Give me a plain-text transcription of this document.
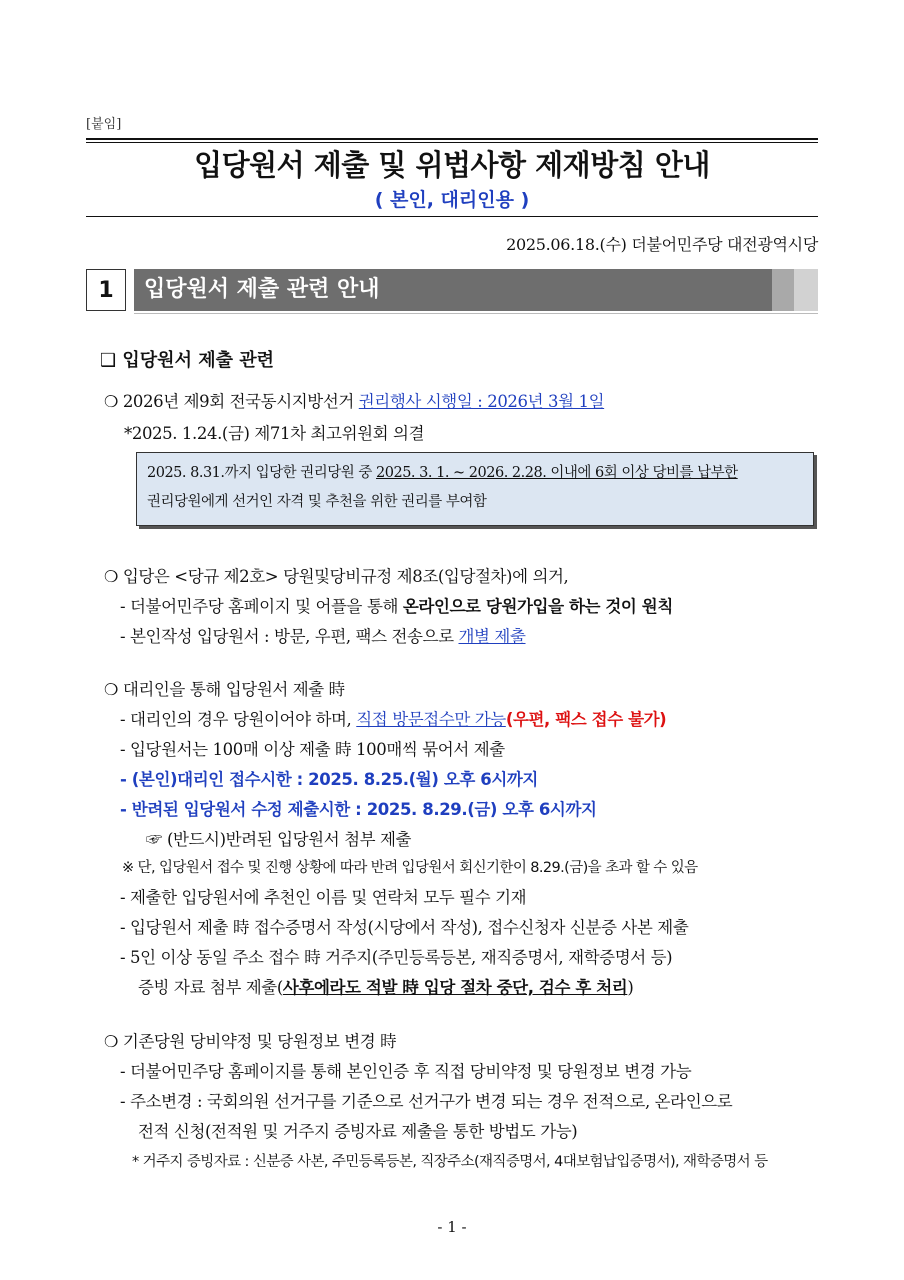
[붙임]
입당원서 제출 및 위법사항 제재방침 안내
( 본인, 대리인용 )
2025.06.18.(수) 더불어민주당 대전광역시당
1	입당원서 제출 관련 안내
❑ 입당원서 제출 관련
❍ 2026년 제9회 전국동시지방선거 권리행사 시행일 : 2026년 3월 1일
*2025. 1.24.(금) 제71차 최고위원회 의결
2025. 8.31.까지 입당한 권리당원 중 2025. 3. 1. ~ 2026. 2.28. 이내에 6회 이상 당비를 납부한
권리당원에게 선거인 자격 및 추천을 위한 권리를 부여함
❍ 입당은 <당규 제2호> 당원및당비규정 제8조(입당절차)에 의거,
- 더불어민주당 홈페이지 및 어플을 통해 온라인으로 당원가입을 하는 것이 원칙
- 본인작성 입당원서 : 방문, 우편, 팩스 전송으로 개별 제출
❍ 대리인을 통해 입당원서 제출 時
- 대리인의 경우 당원이어야 하며, 직접 방문접수만 가능(우편, 팩스 접수 불가)
- 입당원서는 100매 이상 제출 時 100매씩 묶어서 제출
- (본인)대리인 접수시한 : 2025. 8.25.(월) 오후 6시까지
- 반려된 입당원서 수정 제출시한 : 2025. 8.29.(금) 오후 6시까지
☞ (반드시)반려된 입당원서 첨부 제출
※ 단, 입당원서 접수 및 진행 상황에 따라 반려 입당원서 회신기한이 8.29.(금)을 초과 할 수 있음
- 제출한 입당원서에 추천인 이름 및 연락처 모두 필수 기재
- 입당원서 제출 時 접수증명서 작성(시당에서 작성), 접수신청자 신분증 사본 제출
- 5인 이상 동일 주소 접수 時 거주지(주민등록등본, 재직증명서, 재학증명서 등)
증빙 자료 첨부 제출(사후에라도 적발 時 입당 절차 중단, 검수 후 처리)
❍ 기존당원 당비약정 및 당원정보 변경 時
- 더불어민주당 홈페이지를 통해 본인인증 후 직접 당비약정 및 당원정보 변경 가능
- 주소변경 : 국회의원 선거구를 기준으로 선거구가 변경 되는 경우 전적으로, 온라인으로
전적 신청(전적원 및 거주지 증빙자료 제출을 통한 방법도 가능)
* 거주지 증빙자료 : 신분증 사본, 주민등록등본, 직장주소(재직증명서, 4대보험납입증명서), 재학증명서 등
- 1 -
